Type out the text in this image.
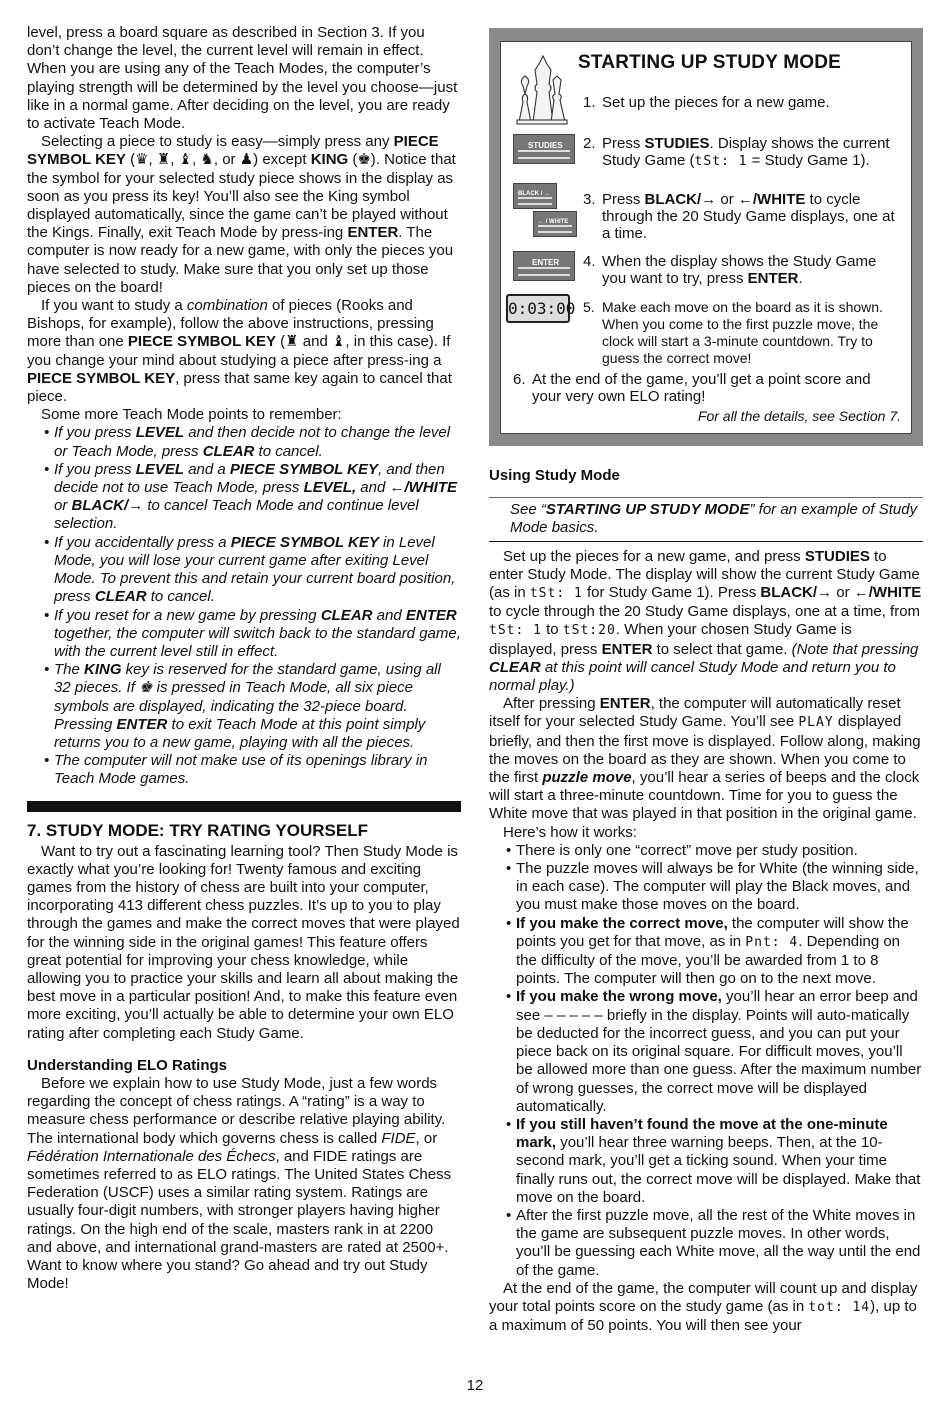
level, press a board square as described in Section 3. If you don’t change the level, the current level will remain in effect. When you are using any of the Teach Modes, the computer’s playing strength will be determined by the level you choose—just like in a normal game. After deciding on the level, you are ready to activate Teach Mode.

Selecting a piece to study is easy—simply press any PIECE SYMBOL KEY (♛, ♜, ♝, ♞, or ♟) except KING (♚). Notice that the symbol for your selected study piece shows in the display as soon as you press its key! You’ll also see the King symbol displayed automatically, since the game can’t be played without the Kings. Finally, exit Teach Mode by press-ing ENTER. The computer is now ready for a new game, with only the pieces you have selected to study. Make sure that you only set up those pieces on the board!

If you want to study a combination of pieces (Rooks and Bishops, for example), follow the above instructions, pressing more than one PIECE SYMBOL KEY (♜ and ♝, in this case). If you change your mind about studying a piece after press-ing a PIECE SYMBOL KEY, press that same key again to cancel that piece.

Some more Teach Mode points to remember:

• If you press LEVEL and then decide not to change the level or Teach Mode, press CLEAR to cancel.
• If you press LEVEL and a PIECE SYMBOL KEY, and then decide not to use Teach Mode, press LEVEL, and ←/WHITE or BLACK/→ to cancel Teach Mode and continue level selection.
• If you accidentally press a PIECE SYMBOL KEY in Level Mode, you will lose your current game after exiting Level Mode. To prevent this and retain your current board position, press CLEAR to cancel.
• If you reset for a new game by pressing CLEAR and ENTER together, the computer will switch back to the standard game, with the current level still in effect.
• The KING key is reserved for the standard game, using all 32 pieces. If ♚ is pressed in Teach Mode, all six piece symbols are displayed, indicating the 32-piece board. Pressing ENTER to exit Teach Mode at this point simply returns you to a new game, playing with all the pieces.
• The computer will not make use of its openings library in Teach Mode games.
7. STUDY MODE: TRY RATING YOURSELF

Want to try out a fascinating learning tool? Then Study Mode is exactly what you’re looking for! Twenty famous and exciting games from the history of chess are built into your computer, incorporating 413 different chess puzzles. It’s up to you to play through the games and make the correct moves that were played for the winning side in the original games! This feature offers great potential for improving your chess knowledge, while allowing you to practice your skills and learn all about making the best move in a particular position! And, to make this feature even more exciting, you’ll actually be able to determine your own ELO rating after completing each Study Game.

Understanding ELO Ratings

Before we explain how to use Study Mode, just a few words regarding the concept of chess ratings. A “rating” is a way to measure chess performance or describe relative playing ability. The international body which governs chess is called FIDE, or Fédération Internationale des Échecs, and FIDE ratings are sometimes referred to as ELO ratings. The United States Chess Federation (USCF) uses a similar rating system. Ratings are usually four-digit numbers, with stronger players having higher ratings. On the high end of the scale, masters rank in at 2200 and above, and international grand-masters are rated at 2500+. Want to know where you stand? Go ahead and try out Study Mode!

STARTING UP STUDY MODE
1. Set up the pieces for a new game.
STUDIES 2. Press STUDIES. Display shows the current Study Game (tSt: 1 = Study Game 1).
BLACK / →
← / WHITE
3. Press BLACK/→ or ←/WHITE to cycle through the 20 Study Game displays, one at a time.
ENTER 4. When the display shows the Study Game you want to try, press ENTER.
0:03:00 5. Make each move on the board as it is shown. When you come to the first puzzle move, the clock will start a 3-minute countdown. Try to guess the correct move!
6. At the end of the game, you’ll get a point score and your very own ELO rating!
For all the details, see Section 7.
Using Study Mode
See “STARTING UP STUDY MODE” for an example of Study Mode basics.

Set up the pieces for a new game, and press STUDIES to enter Study Mode. The display will show the current Study Game (as in tSt: 1 for Study Game 1). Press BLACK/→ or ←/WHITE to cycle through the 20 Study Game displays, one at a time, from tSt: 1 to tSt:20. When your chosen Study Game is displayed, press ENTER to select that game. (Note that pressing CLEAR at this point will cancel Study Mode and return you to normal play.)

After pressing ENTER, the computer will automatically reset itself for your selected Study Game. You’ll see PLAY displayed briefly, and then the first move is displayed. Follow along, making the moves on the board as they are shown. When you come to the first puzzle move, you’ll hear a series of beeps and the clock will start a three-minute countdown. Time for you to guess the White move that was played in that position in the original game.

Here’s how it works:

• There is only one “correct” move per study position.
• The puzzle moves will always be for White (the winning side, in each case). The computer will play the Black moves, and you must make those moves on the board.
• If you make the correct move, the computer will show the points you get for that move, as in Pnt: 4. Depending on the difficulty of the move, you’ll be awarded from 1 to 8 points. The computer will then go on to the next move.
• If you make the wrong move, you’ll hear an error beep and see – – – – – briefly in the display. Points will auto-matically be deducted for the incorrect guess, and you can put your piece back on its original square. For difficult moves, you’ll be allowed more than one guess. After the maximum number of wrong guesses, the correct move will be displayed automatically.
• If you still haven’t found the move at the one-minute mark, you’ll hear three warning beeps. Then, at the 10-second mark, you’ll get a ticking sound. When your time finally runs out, the correct move will be displayed. Make that move on the board.
• After the first puzzle move, all the rest of the White moves in the game are subsequent puzzle moves. In other words, you’ll be guessing each White move, all the way until the end of the game.

At the end of the game, the computer will count up and display your total points score on the study game (as in tot: 14), up to a maximum of 50 points. You will then see your

12
